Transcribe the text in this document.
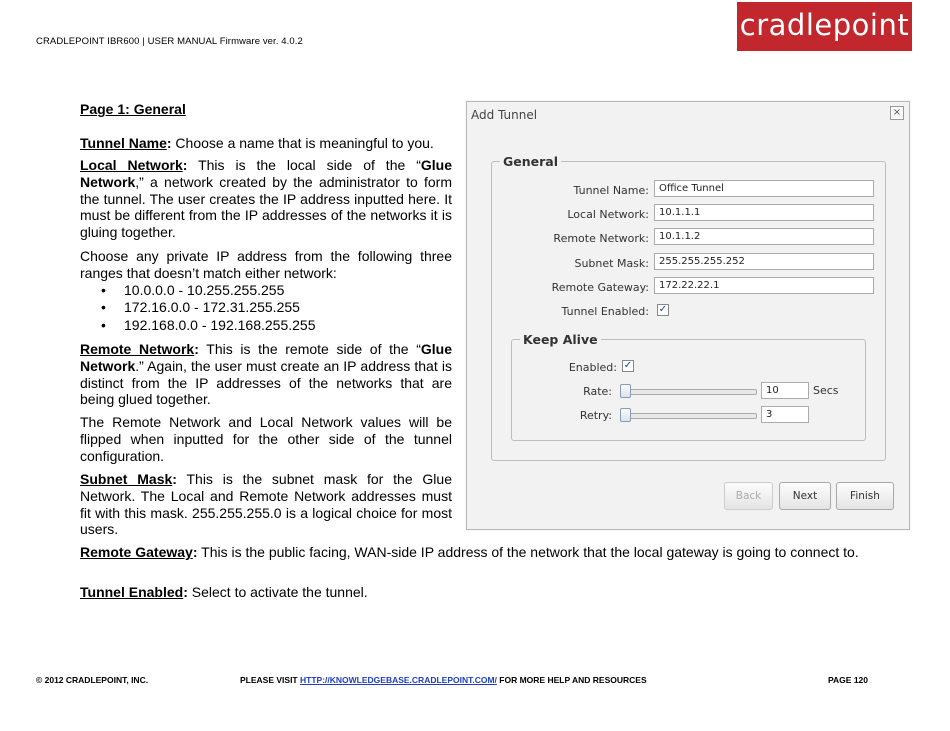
CRADLEPOINT IBR600 | USER MANUAL Firmware ver. 4.0.2	cradlepoint

Page 1: General

Tunnel Name: Choose a name that is meaningful to you.

Local Network: This is the local side of the “Glue Network,” a network created by the administrator to form the tunnel. The user creates the IP address inputted here. It must be different from the IP addresses of the networks it is gluing together.

Choose any private IP address from the following three ranges that doesn’t match either network:

• 10.0.0.0 - 10.255.255.255
• 172.16.0.0 - 172.31.255.255
• 192.168.0.0 - 192.168.255.255

Remote Network: This is the remote side of the “Glue Network.” Again, the user must create an IP address that is distinct from the IP addresses of the networks that are being glued together.

The Remote Network and Local Network values will be flipped when inputted for the other side of the tunnel configuration.

Subnet Mask: This is the subnet mask for the Glue Network. The Local and Remote Network addresses must fit with this mask. 255.255.255.0 is a logical choice for most users.

Remote Gateway: This is the public facing, WAN-side IP address of the network that the local gateway is going to connect to.

Tunnel Enabled: Select to activate the tunnel.

Add Tunnel	×
General
Tunnel Name:	Office Tunnel
Local Network:	10.1.1.1
Remote Network:	10.1.1.2
Subnet Mask:	255.255.255.252
Remote Gateway:	172.22.22.1
Tunnel Enabled: ✓
Keep Alive
Enabled: ✓
Rate:	10	Secs
Retry:	3
Back	Next	Finish
© 2012 CRADLEPOINT, INC.	PLEASE VISIT HTTP://KNOWLEDGEBASE.CRADLEPOINT.COM/ FOR MORE HELP AND RESOURCES	PAGE 120
